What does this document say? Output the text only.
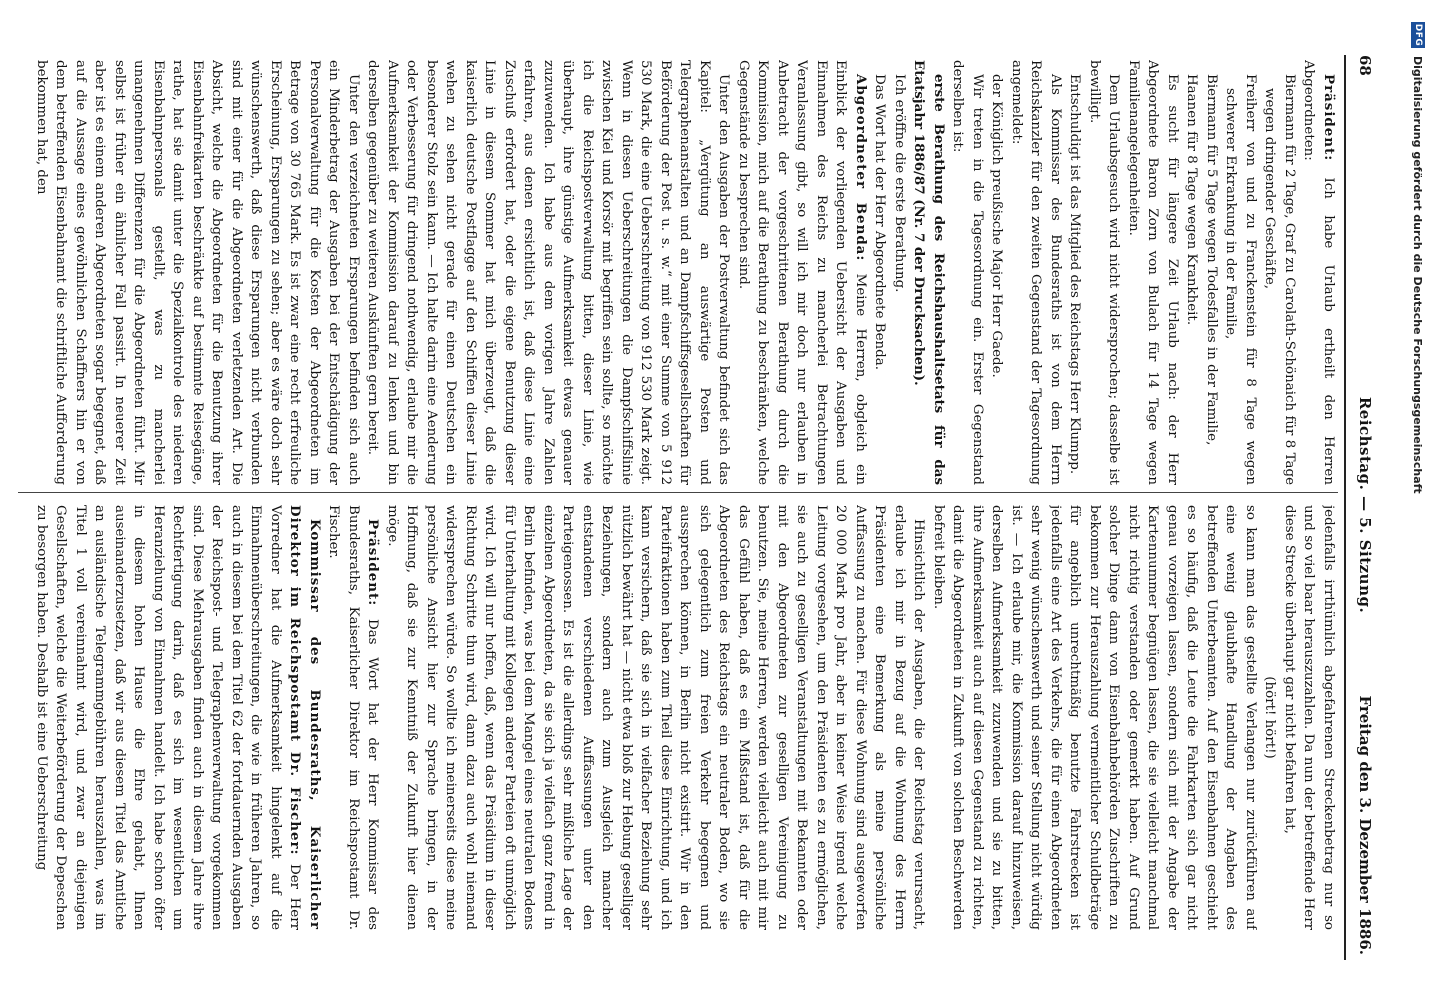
DFG
Digitalisierung gefördert durch die Deutsche Forschungsgemeinschaft
68
Reichstag. — 5. Sitzung.
Freitag den 3. Dezember 1886.

Präsident: Ich habe Urlaub ertheilt den Herren Abgeordneten:

Biermann für 2 Tage, Graf zu Carolath-Schönaich für 8 Tage wegen dringender Geschäfte,

Freiherr von und zu Franckenstein für 8 Tage wegen schwerer Erkrankung in der Familie,

Biermann für 5 Tage wegen Todesfalles in der Familie,

Haanen für 8 Tage wegen Krankheit.

Es sucht für längere Zeit Urlaub nach: der Herr Abgeordnete Baron Zorn von Bulach für 14 Tage wegen Familienangelegenheiten.

Dem Urlaubsgesuch wird nicht widersprochen; dasselbe ist bewilligt.

Entschuldigt ist das Mitglied des Reichstags Herr Klumpp.

Als Kommissar des Bundesraths ist von dem Herrn Reichskanzler für den zweiten Gegenstand der Tagesordnung angemeldet:

der Königlich preußische Major Herr Gaede.

Wir treten in die Tagesordnung ein. Erster Gegenstand derselben ist:

erste Berathung des Reichshaushaltsetats für das Etatsjahr 1886/87 (Nr. 7 der Drucksachen).

Ich eröffne die erste Berathung.

Das Wort hat der Herr Abgeordnete Benda.

Abgeordneter Benda: Meine Herren, obgleich ein Einblick der vorliegenden Uebersicht der Ausgaben und Einnahmen des Reichs zu mancherlei Betrachtungen Veranlassung gibt, so will ich mir doch nur erlauben in Anbetracht der vorgeschrittenen Berathung durch die Kommission, mich auf die Berathung zu beschränken, welche Gegenstände zu besprechen sind.

Unter den Ausgaben der Postverwaltung befindet sich das Kapitel: „Vergütung an auswärtige Posten und Telegraphenanstalten und an Dampfschiffsgesellschaften für Beförderung der Post u. s. w.“ mit einer Summe von 5 912 530 Mark, die eine Ueberschreitung von 912 530 Mark zeigt. Wenn in diesen Ueberschreitungen die Dampfschiffslinie zwischen Kiel und Korsör mit begriffen sein sollte, so möchte ich die Reichspostverwaltung bitten, dieser Linie, wie überhaupt, ihre günstige Aufmerksamkeit etwas genauer zuzuwenden. Ich habe aus dem vorigen Jahre Zahlen erfahren, aus denen ersichtlich ist, daß diese Linie eine Zuschuß erfordert hat, oder die eigene Benutzung dieser Linie in diesem Sommer hat mich überzeugt, daß die kaiserlich deutsche Postflagge auf den Schiffen dieser Linie wehen zu sehen nicht gerade für einen Deutschen ein besonderer Stolz sein kann. — Ich halte darin eine Aenderung oder Verbesserung für dringend nothwendig, erlaube mir die Aufmerksamkeit der Kommission darauf zu lenken und bin derselben gegenüber zu weiteren Auskünften gern bereit.

Unter den verzeichneten Ersparungen befinden sich auch ein Minderbetrag der Ausgaben bei der Entschädigung der Personalverwaltung für die Kosten der Abgeordneten im Betrage von 30 765 Mark. Es ist zwar eine recht erfreuliche Erscheinung, Ersparungen zu sehen; aber es wäre doch sehr wünschenswerth, daß diese Ersparungen nicht verbunden sind mit einer für die Abgeordneten verletzenden Art. Die Absicht, welche die Abgeordneten für die Benutzung ihrer Eisenbahnfreikarten beschränkte auf bestimmte Reisegänge, rathe, hat sie damit unter die Spezialkontrole des niederen Eisenbahnpersonals gestellt, was zu mancherlei unangenehmen Differenzen für die Abgeordneten führt. Mir selbst ist früher ein ähnlicher Fall passirt. In neuerer Zeit aber ist es einem anderen Abgeordneten sogar begegnet, daß auf die Aussage eines gewöhnlichen Schaffners hin er von dem betreffenden Eisenbahnamt die schriftliche Aufforderung bekommen hat, den

jedenfalls irrthümlich abgefahrenen Streckenbetrag nur so und so viel baar herauszuzahlen. Da nun der betreffende Herr diese Strecke überhaupt gar nicht befahren hat,

(hört! hört!)

so kann man das gestellte Verlangen nur zurückführen auf eine wenig glaubhafte Handlung der Angaben des betreffenden Unterbeamten. Auf den Eisenbahnen geschieht es so häufig, daß die Leute die Fahrkarten sich gar nicht genau vorzeigen lassen, sondern sich mit der Angabe der Kartennummer begnügen lassen, die sie vielleicht manchmal nicht richtig verstanden oder gemerkt haben. Auf Grund solcher Dinge dann von Eisenbahnbehörden Zuschriften zu bekommen zur Herauszahlung vermeintlicher Schuldbeträge für angeblich unrechtmäßig benutzte Fahrstrecken ist jedenfalls eine Art des Verkehrs, die für einen Abgeordneten sehr wenig wünschenswerth und seiner Stellung nicht würdig ist. — Ich erlaube mir, die Kommission darauf hinzuweisen, derselben Aufmerksamkeit zuzuwenden und sie zu bitten, ihre Aufmerksamkeit auch auf diesen Gegenstand zu richten, damit die Abgeordneten in Zukunft von solchen Beschwerden befreit bleiben.

Hinsichtlich der Ausgaben, die der Reichstag verursacht, erlaube ich mir in Bezug auf die Wohnung des Herrn Präsidenten eine Bemerkung als meine persönliche Auffassung zu machen. Für diese Wohnung sind ausgeworfen 20 000 Mark pro Jahr, aber in keiner Weise irgend welche Leitung vorgesehen, um den Präsidenten es zu ermöglichen, sie auch zu geselligen Veranstaltungen mit Bekannten oder mit den Abgeordneten zur geselligen Vereinigung zu benutzen. Sie, meine Herren, werden vielleicht auch mit mir das Gefühl haben, daß es ein Mißstand ist, daß für die Abgeordneten des Reichstags ein neutraler Boden, wo sie sich gelegentlich zum freien Verkehr begegnen und aussprechen können, in Berlin nicht existirt. Wir in den Parteifraktionen haben zum Theil diese Einrichtung, und ich kann versichern, daß sie sich in vielfacher Beziehung sehr nützlich bewährt hat — nicht etwa bloß zur Hebung geselliger Beziehungen, sondern auch zum Ausgleich mancher entstandenen verschiedenen Auffassungen unter den Parteigenossen. Es ist die allerdings sehr mißliche Lage der einzelnen Abgeordneten, da sie sich ja vielfach ganz fremd in Berlin befinden, was bei dem Mangel eines neutralen Bodens für Unterhaltung mit Kollegen anderer Parteien oft unmöglich wird. Ich will nur hoffen, daß, wenn das Präsidium in dieser Richtung Schritte thun wird, dann dazu auch wohl niemand widersprechen würde. So wollte ich meinerseits diese meine persönliche Ansicht hier zur Sprache bringen, in der Hoffnung, daß sie zur Kenntniß der Zukunft hier dienen möge.

Präsident: Das Wort hat der Herr Kommissar des Bundesraths, Kaiserlicher Direktor im Reichspostamt Dr. Fischer.

Kommissar des Bundesraths, Kaiserlicher Direktor im Reichspostamt Dr. Fischer: Der Herr Vorredner hat die Aufmerksamkeit hingelenkt auf die Einnahmenüberschreitungen, die wie in früheren Jahren, so auch in diesem bei dem Titel 62 der fortdauernden Ausgaben der Reichspost- und Telegraphenverwaltung vorgekommen sind. Diese Mehrausgaben finden auch in diesem Jahre ihre Rechtfertigung darin, daß es sich im wesentlichen um Heranziehung von Einnahmen handelt. Ich habe schon öfter in diesem hohen Hause die Ehre gehabt, Ihnen auseinanderzusetzen, daß wir aus diesem Titel das Amtliche an ausländische Telegrammgebühren herauszahlen, was im Titel 1 voll vereinnahmt wird, und zwar an diejenigen Gesellschaften, welche die Weiterbeförderung der Depeschen zu besorgen haben. Deshalb ist eine Ueberschreitung
